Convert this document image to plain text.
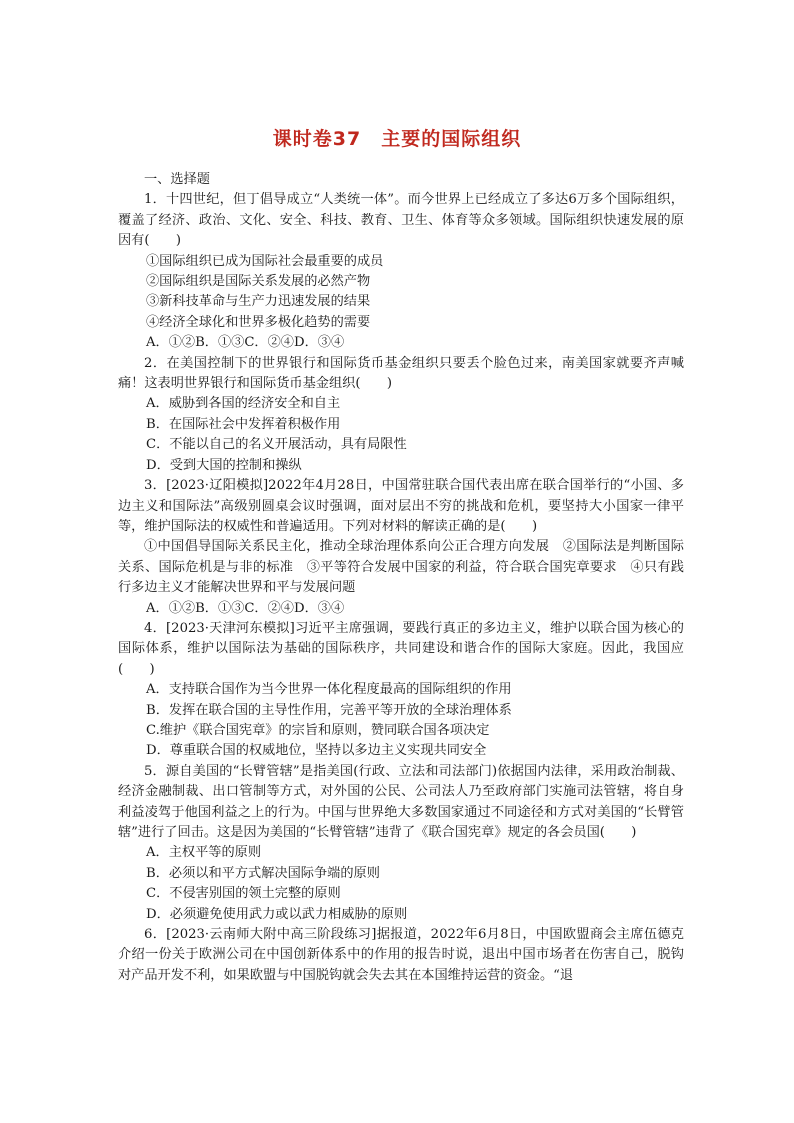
课时卷37　主要的国际组织

一、选择题

1．十四世纪，但丁倡导成立“人类统一体”。而今世界上已经成立了多达6万多个国际组织，覆盖了经济、政治、文化、安全、科技、教育、卫生、体育等众多领域。国际组织快速发展的原因有(　　)

①国际组织已成为国际社会最重要的成员

②国际组织是国际关系发展的必然产物

③新科技革命与生产力迅速发展的结果

④经济全球化和世界多极化趋势的需要

A．①②B．①③C．②④D．③④

2．在美国控制下的世界银行和国际货币基金组织只要丢个脸色过来，南美国家就要齐声喊痛！这表明世界银行和国际货币基金组织(　　)

A．威胁到各国的经济安全和自主

B．在国际社会中发挥着积极作用

C．不能以自己的名义开展活动，具有局限性

D．受到大国的控制和操纵

3．[2023·辽阳模拟]2022年4月28日，中国常驻联合国代表出席在联合国举行的“小国、多边主义和国际法”高级别圆桌会议时强调，面对层出不穷的挑战和危机，要坚持大小国家一律平等，维护国际法的权威性和普遍适用。下列对材料的解读正确的是(　　)

①中国倡导国际关系民主化，推动全球治理体系向公正合理方向发展　②国际法是判断国际关系、国际危机是与非的标准　③平等符合发展中国家的利益，符合联合国宪章要求　④只有践行多边主义才能解决世界和平与发展问题

A．①②B．①③C．②④D．③④

4．[2023·天津河东模拟]习近平主席强调，要践行真正的多边主义，维护以联合国为核心的国际体系，维护以国际法为基础的国际秩序，共同建设和谐合作的国际大家庭。因此，我国应(　　)

A．支持联合国作为当今世界一体化程度最高的国际组织的作用

B．发挥在联合国的主导性作用，完善平等开放的全球治理体系

C.维护《联合国宪章》的宗旨和原则，赞同联合国各项决定

D．尊重联合国的权威地位，坚持以多边主义实现共同安全

5．源自美国的“长臂管辖”是指美国(行政、立法和司法部门)依据国内法律，采用政治制裁、经济金融制裁、出口管制等方式，对外国的公民、公司法人乃至政府部门实施司法管辖，将自身利益凌驾于他国利益之上的行为。中国与世界绝大多数国家通过不同途径和方式对美国的“长臂管辖”进行了回击。这是因为美国的“长臂管辖”违背了《联合国宪章》规定的各会员国(　　)

A．主权平等的原则

B．必须以和平方式解决国际争端的原则

C．不侵害别国的领土完整的原则

D．必须避免使用武力或以武力相威胁的原则

6．[2023·云南师大附中高三阶段练习]据报道，2022年6月8日，中国欧盟商会主席伍德克介绍一份关于欧洲公司在中国创新体系中的作用的报告时说，退出中国市场者在伤害自己，脱钩对产品开发不利，如果欧盟与中国脱钩就会失去其在本国维持运营的资金。“退
